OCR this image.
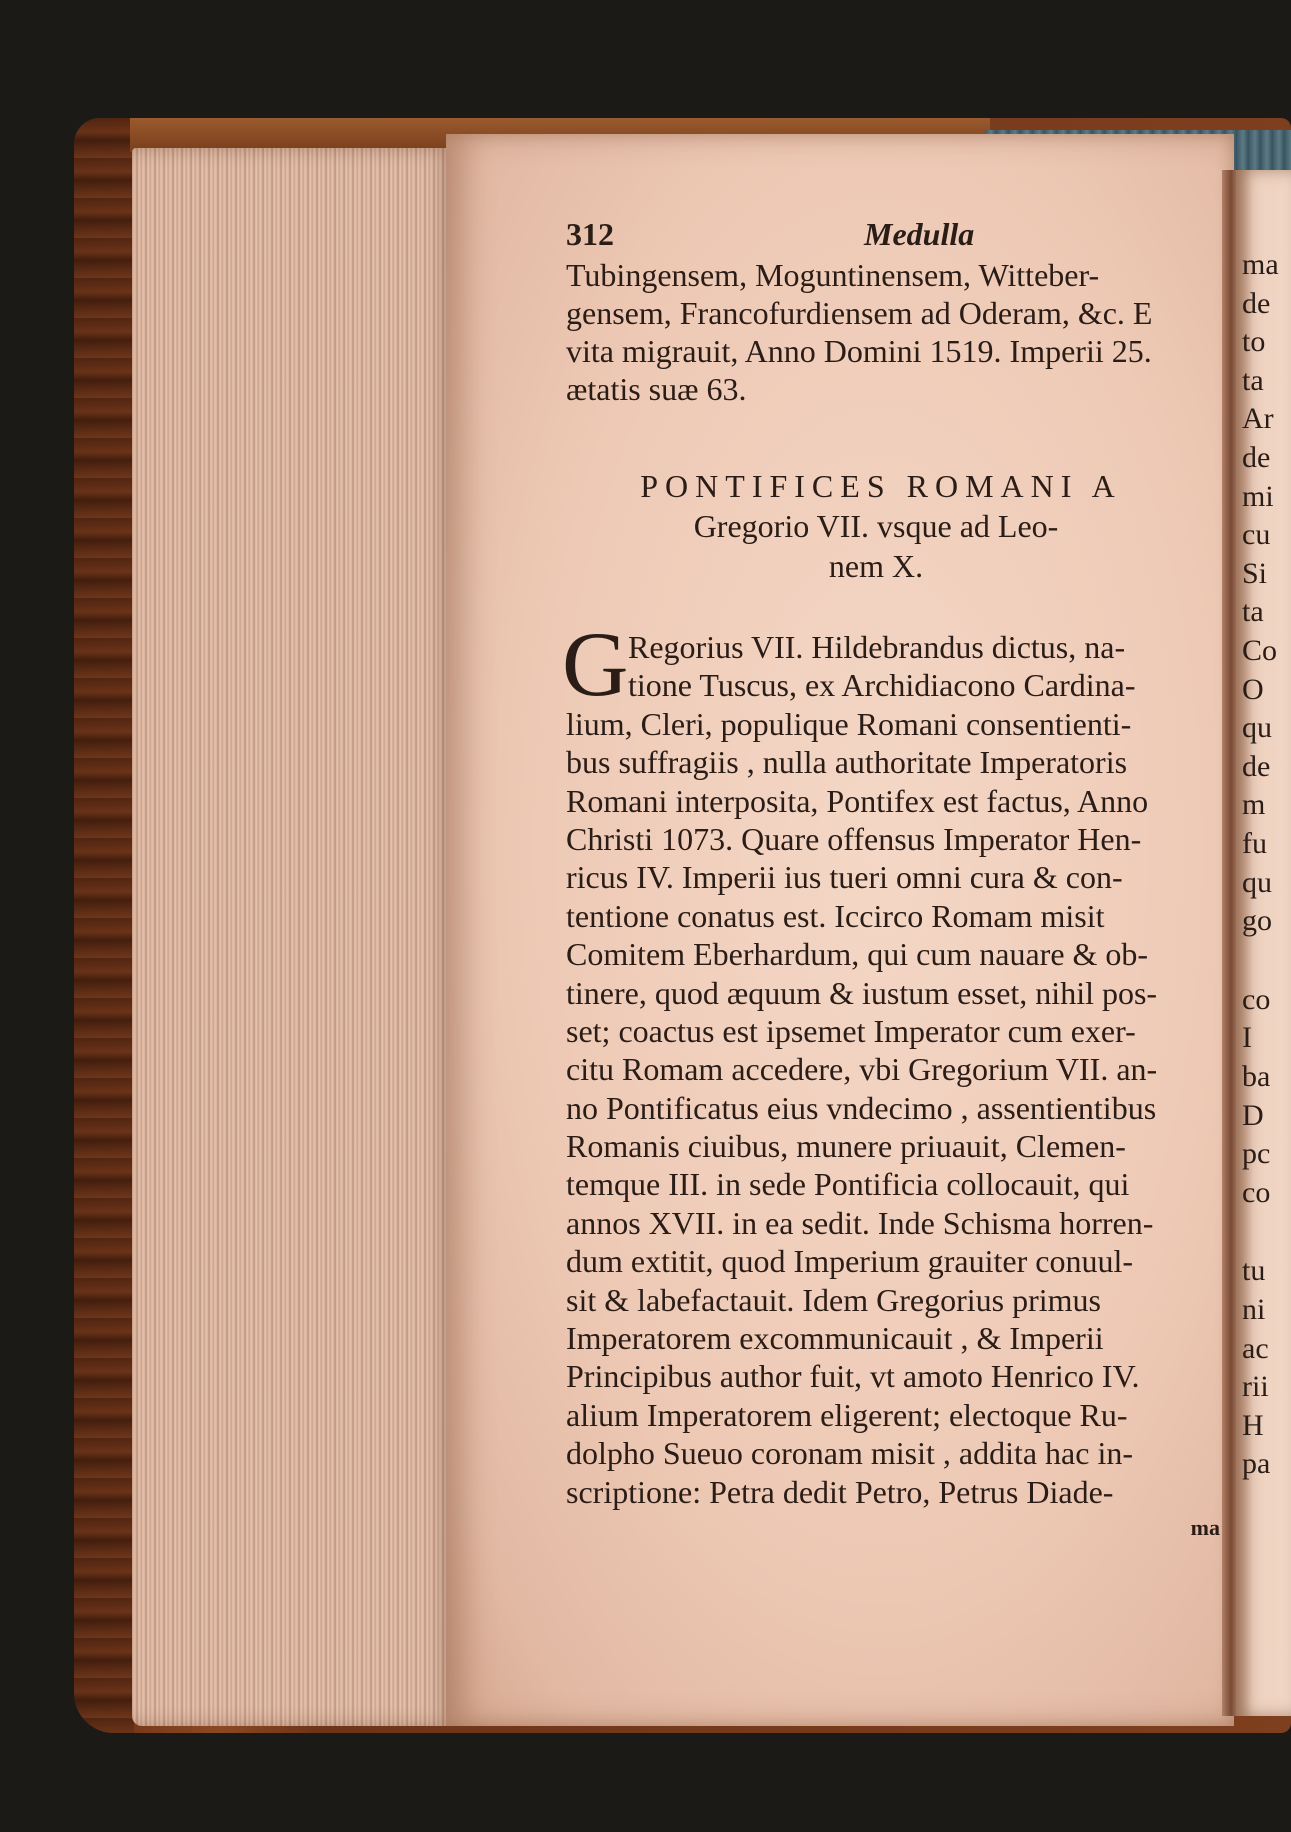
ma
de
to
ta
Ar
de
mi
cu
Si
ta
Co
O
qu
de
m
fu
qu
go
co
I
ba
D
pc
co
tu
ni
ac
rii
H
pa
312	Medulla
Tubingensem, Moguntinensem, Witteber-
gensem, Francofurdiensem ad Oderam, &c. E
vita migrauit, Anno Domini 1519. Imperii 25.
ætatis suæ 63.
PONTIFICES ROMANI A
Gregorio VII. vsque ad Leo-
nem X.
G Regorius VII. Hildebrandus dictus, na-
tione Tuscus, ex Archidiacono Cardina-
lium, Cleri, populique Romani consentienti-
bus suffragiis , nulla authoritate Imperatoris
Romani interposita, Pontifex est factus, Anno
Christi 1073. Quare offensus Imperator Hen-
ricus IV. Imperii ius tueri omni cura & con-
tentione conatus est. Iccirco Romam misit
Comitem Eberhardum, qui cum nauare & ob-
tinere, quod æquum & iustum esset, nihil pos-
set; coactus est ipsemet Imperator cum exer-
citu Romam accedere, vbi Gregorium VII. an-
no Pontificatus eius vndecimo , assentientibus
Romanis ciuibus, munere priuauit, Clemen-
temque III. in sede Pontificia collocauit, qui
annos XVII. in ea sedit. Inde Schisma horren-
dum extitit, quod Imperium grauiter conuul-
sit & labefactauit. Idem Gregorius primus
Imperatorem excommunicauit , & Imperii
Principibus author fuit, vt amoto Henrico IV.
alium Imperatorem eligerent; electoque Ru-
dolpho Sueuo coronam misit , addita hac in-
scriptione: Petra dedit Petro, Petrus Diade-
ma
